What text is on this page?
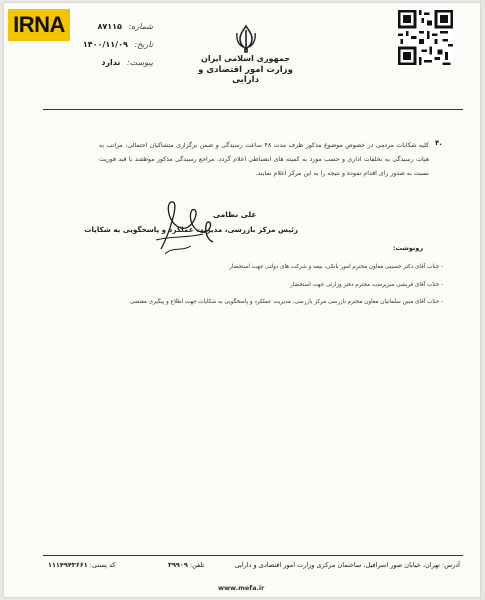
IRNA	شماره: ۸۷۱۱۵
تاریخ: ۱۴۰۰/۱۱/۰۹
پیوست: ندارد	جمهوری اسلامی ایران
وزارت امور اقتصادی و دارایی
۴.
کلیه شکایات مردمی در خصوص موضوع مذکور ظرف مدت ۴۸ ساعت رسیدگی و ضمن برگزاری متشاکیان احتمالی، مراتب به هیات رسیدگی به تخلفات اداری و حسب مورد به کمیته های انضباطی اعلام گردد. مراجع رسیدگی مذکور موظفند با قید فوریت نسبت به صدور رای اقدام نموده و نتیجه را به این مرکز اعلام نمایند.
علی نظامی
رئیس مرکز بازرسی، مدیریت عملکرد و پاسخگویی به شکایات
رونوشت:
- جناب آقای دکتر حسینی معاون محترم امور بانکی، بیمه و شرکت های دولتی جهت استحضار
- جناب آقای قریشی سرپرست محترم دفتر وزارتی جهت استحضار
- جناب آقای مبین سلمانیان معاون محترم بازرسی مرکز بازرسی، مدیریت عملکرد و پاسخگویی به شکایات جهت اطلاع و پیگیری مقتضی
آدرس: تهران، خیابان صور اسرافیل، ساختمان مرکزی وزارت امور اقتصادی و دارایی
تلفن: ۳۹۹۰۹
کد پستی: ۱۱۱۴۹۴۳۶۶۱
www.mefa.ir
